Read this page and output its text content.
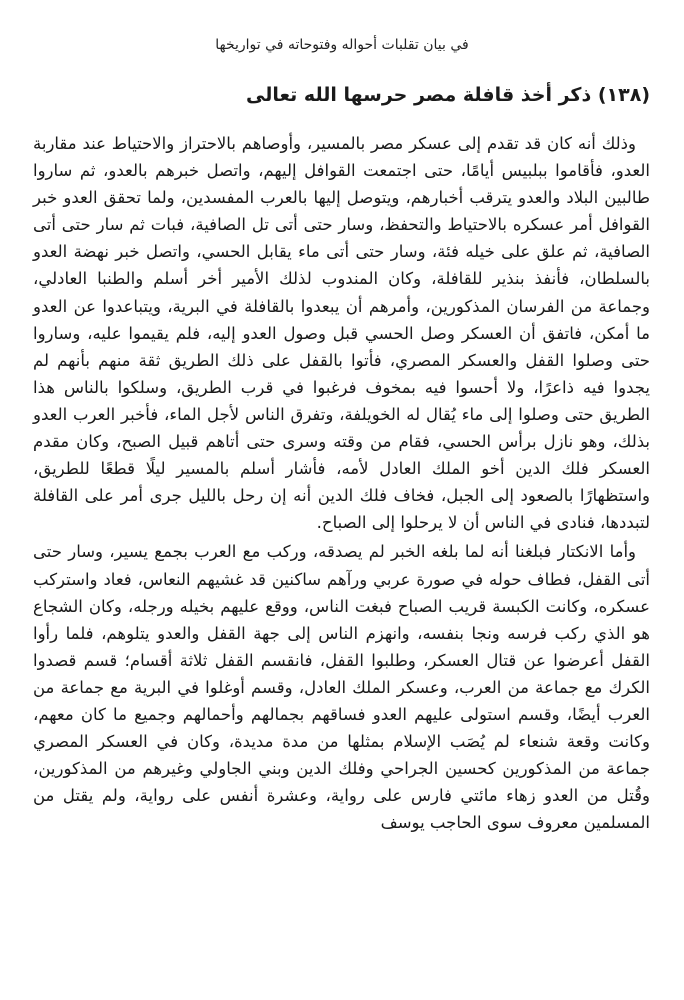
في بيان تقلبات أحواله وفتوحاته في تواريخها
(١٣٨) ذكر أخذ قافلة مصر حرسها الله تعالى

وذلك أنه كان قد تقدم إلى عسكر مصر بالمسير، وأوصاهم بالاحتراز والاحتياط عند مقاربة العدو، فأقاموا ببلبيس أيامًا، حتى اجتمعت القوافل إليهم، واتصل خبرهم بالعدو، ثم ساروا طالبين البلاد والعدو يترقب أخبارهم، ويتوصل إليها بالعرب المفسدين، ولما تحقق العدو خبر القوافل أمر عسكره بالاحتياط والتحفظ، وسار حتى أتى تل الصافية، فبات ثم سار حتى أتى الصافية، ثم علق على خيله فئة، وسار حتى أتى ماء يقابل الحسي، واتصل خبر نهضة العدو بالسلطان، فأنفذ بنذير للقافلة، وكان المندوب لذلك الأمير أخر أسلم والطنبا العادلي، وجماعة من الفرسان المذكورين، وأمرهم أن يبعدوا بالقافلة في البرية، ويتباعدوا عن العدو ما أمكن، فاتفق أن العسكر وصل الحسي قبل وصول العدو إليه، فلم يقيموا عليه، وساروا حتى وصلوا القفل والعسكر المصري، فأتوا بالقفل على ذلك الطريق ثقة منهم بأنهم لم يجدوا فيه ذاعرًا، ولا أحسوا فيه بمخوف فرغبوا في قرب الطريق، وسلكوا بالناس هذا الطريق حتى وصلوا إلى ماء يُقال له الخويلفة، وتفرق الناس لأجل الماء، فأخبر العرب العدو بذلك، وهو نازل برأس الحسي، فقام من وقته وسرى حتى أتاهم قبيل الصبح، وكان مقدم العسكر فلك الدين أخو الملك العادل لأمه، فأشار أسلم بالمسير ليلًا قطعًا للطريق، واستظهارًا بالصعود إلى الجبل، فخاف فلك الدين أنه إن رحل بالليل جرى أمر على القافلة لتبددها، فنادى في الناس أن لا يرحلوا إلى الصباح.

وأما الانكتار فبلغنا أنه لما بلغه الخبر لم يصدقه، وركب مع العرب بجمع يسير، وسار حتى أتى القفل، فطاف حوله في صورة عربي ورآهم ساكنين قد غشيهم النعاس، فعاد واستركب عسكره، وكانت الكبسة قريب الصباح فبغت الناس، ووقع عليهم بخيله ورجله، وكان الشجاع هو الذي ركب فرسه ونجا بنفسه، وانهزم الناس إلى جهة القفل والعدو يتلوهم، فلما رأوا القفل أعرضوا عن قتال العسكر، وطلبوا القفل، فانقسم القفل ثلاثة أقسام؛ قسم قصدوا الكرك مع جماعة من العرب، وعسكر الملك العادل، وقسم أوغلوا في البرية مع جماعة من العرب أيضًا، وقسم استولى عليهم العدو فساقهم بجمالهم وأحمالهم وجميع ما كان معهم، وكانت وقعة شنعاء لم يُصَب الإسلام بمثلها من مدة مديدة، وكان في العسكر المصري جماعة من المذكورين كحسين الجراحي وفلك الدين وبني الجاولي وغيرهم من المذكورين، وقُتل من العدو زهاء مائتي فارس على رواية، وعشرة أنفس على رواية، ولم يقتل من المسلمين معروف سوى الحاجب يوسف
